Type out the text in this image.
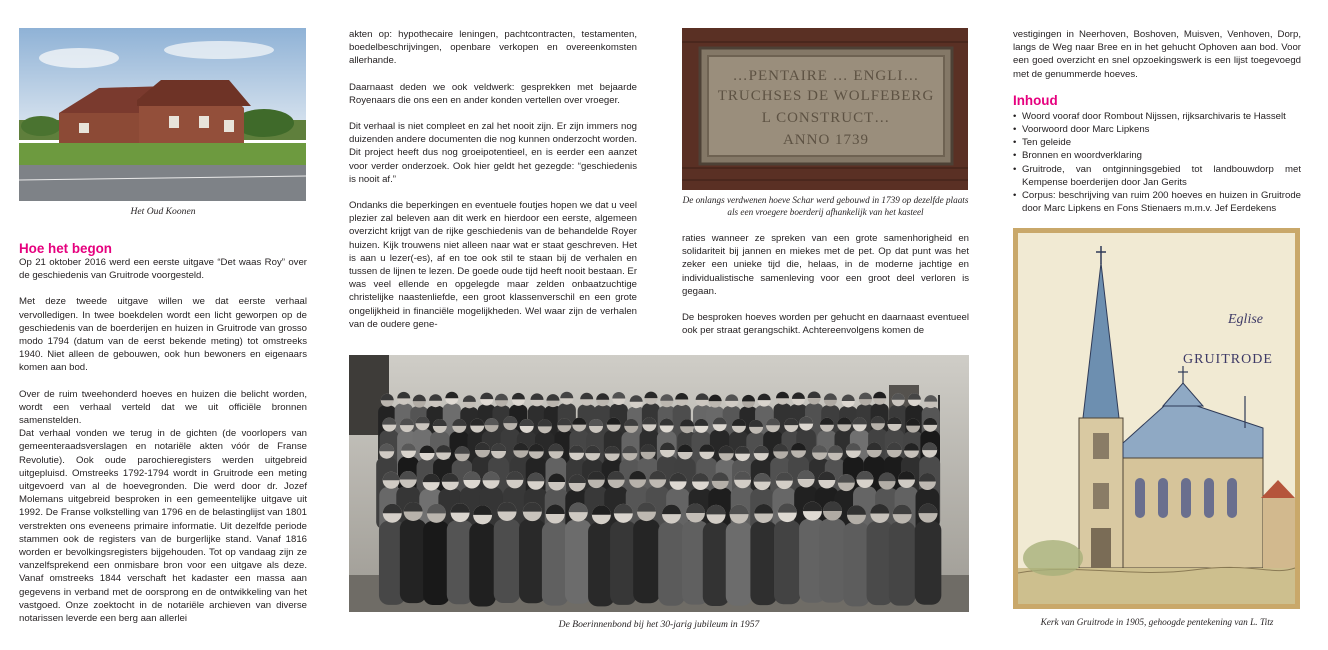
Het Oud Koonen

Hoe het begon

Op 21 oktober 2016 werd een eerste uitgave “Det waas Roy” over de geschiedenis van Gruitrode voorgesteld.

Met deze tweede uitgave willen we dat eerste verhaal vervolledigen. In twee boekdelen wordt een licht geworpen op de geschiedenis van de boerderijen en huizen in Gruitrode van grosso modo 1794 (datum van de eerst bekende meting) tot omstreeks 1940. Niet alleen de gebouwen, ook hun bewoners en eigenaars komen aan bod.

Over de ruim tweehonderd hoeves en huizen die belicht worden, wordt een verhaal verteld dat we uit officiële bronnen samenstelden.

Dat verhaal vonden we terug in de gichten (de voorlopers van gemeenteraadsverslagen en notariële akten vóór de Franse Revolutie). Ook oude parochieregisters werden uitgebreid uitgepluisd. Omstreeks 1792-1794 wordt in Gruitrode een meting uitgevoerd van al de hoevegronden. Die werd door dr. Jozef Molemans uitgebreid besproken in een gemeentelijke uitgave uit 1992. De Franse volkstelling van 1796 en de belastinglijst van 1801 verstrekten ons eveneens primaire informatie. Uit dezelfde periode stammen ook de registers van de burgerlijke stand. Vanaf 1816 worden er bevolkingsregisters bijgehouden. Tot op vandaag zijn ze vanzelfsprekend een onmisbare bron voor een uitgave als deze. Vanaf omstreeks 1844 verschaft het kadaster een massa aan gegevens in verband met de oorsprong en de ontwikkeling van het vastgoed. Onze zoektocht in de notariële archieven van diverse notarissen leverde een berg aan allerlei

akten op: hypothecaire leningen, pachtcontracten, testamenten, boedelbeschrijvingen, openbare verkopen en overeenkomsten allerhande.

Daarnaast deden we ook veldwerk: gesprekken met bejaarde Royenaars die ons een en ander konden vertellen over vroeger.

Dit verhaal is niet compleet en zal het nooit zijn. Er zijn immers nog duizenden andere documenten die nog kunnen onderzocht worden. Dit project heeft dus nog groeipotentieel, en is eerder een aanzet voor verder onderzoek. Ook hier geldt het gezegde: “geschiedenis is nooit af.”

Ondanks die beperkingen en eventuele foutjes hopen we dat u veel plezier zal beleven aan dit werk en hierdoor een eerste, algemeen overzicht krijgt van de rijke geschiedenis van de behandelde Royer huizen. Kijk trouwens niet alleen naar wat er staat geschreven. Het is aan u lezer(-es), af en toe ook stil te staan bij de verhalen en tussen de lijnen te lezen. De goede oude tijd heeft nooit bestaan. Er was veel ellende en opgelegde maar zelden onbaatzuchtige christelijke naastenliefde, een groot klassenverschil en een grote ongelijkheid in financiële mogelijkheden. Wel waar zijn de verhalen van de oudere gene-

…PENTAIRE … ENGLI…
TRUCHSES DE WOLFEBERG
L CONSTRUCT…
ANNO 1739

De onlangs verdwenen hoeve Schar werd gebouwd in 1739 op dezelfde plaats als een vroegere boerderij afhankelijk van het kasteel

raties wanneer ze spreken van een grote samenhorigheid en solidariteit bij jannen en miekes met de pet. Op dat punt was het zeker een unieke tijd die, helaas, in de moderne jachtige en individualistische samenleving voor een groot deel verloren is gegaan.

De besproken hoeves worden per gehucht en daarnaast eventueel ook per straat gerangschikt. Achtereenvolgens komen de

De Boerinnenbond bij het 30-jarig jubileum in 1957

vestigingen in Neerhoven, Boshoven, Muisven, Venhoven, Dorp, langs de Weg naar Bree en in het gehucht Ophoven aan bod. Voor een goed overzicht en snel opzoekingswerk is een lijst toegevoegd met de genummerde hoeves.

Inhoud
• Woord vooraf door Rombout Nijssen, rijksarchivaris te Hasselt
• Voorwoord door Marc Lipkens
• Ten geleide
• Bronnen en woordverklaring
• Gruitrode, van ontginningsgebied tot landbouwdorp met Kempense boerderijen door Jan Gerits
• Corpus: beschrijving van ruim 200 hoeves en huizen in Gruitrode door Marc Lipkens en Fons Stienaers m.m.v. Jef Eerdekens
Eglise
GRUITRODE

Kerk van Gruitrode in 1905, gehoogde pentekening van L. Titz
